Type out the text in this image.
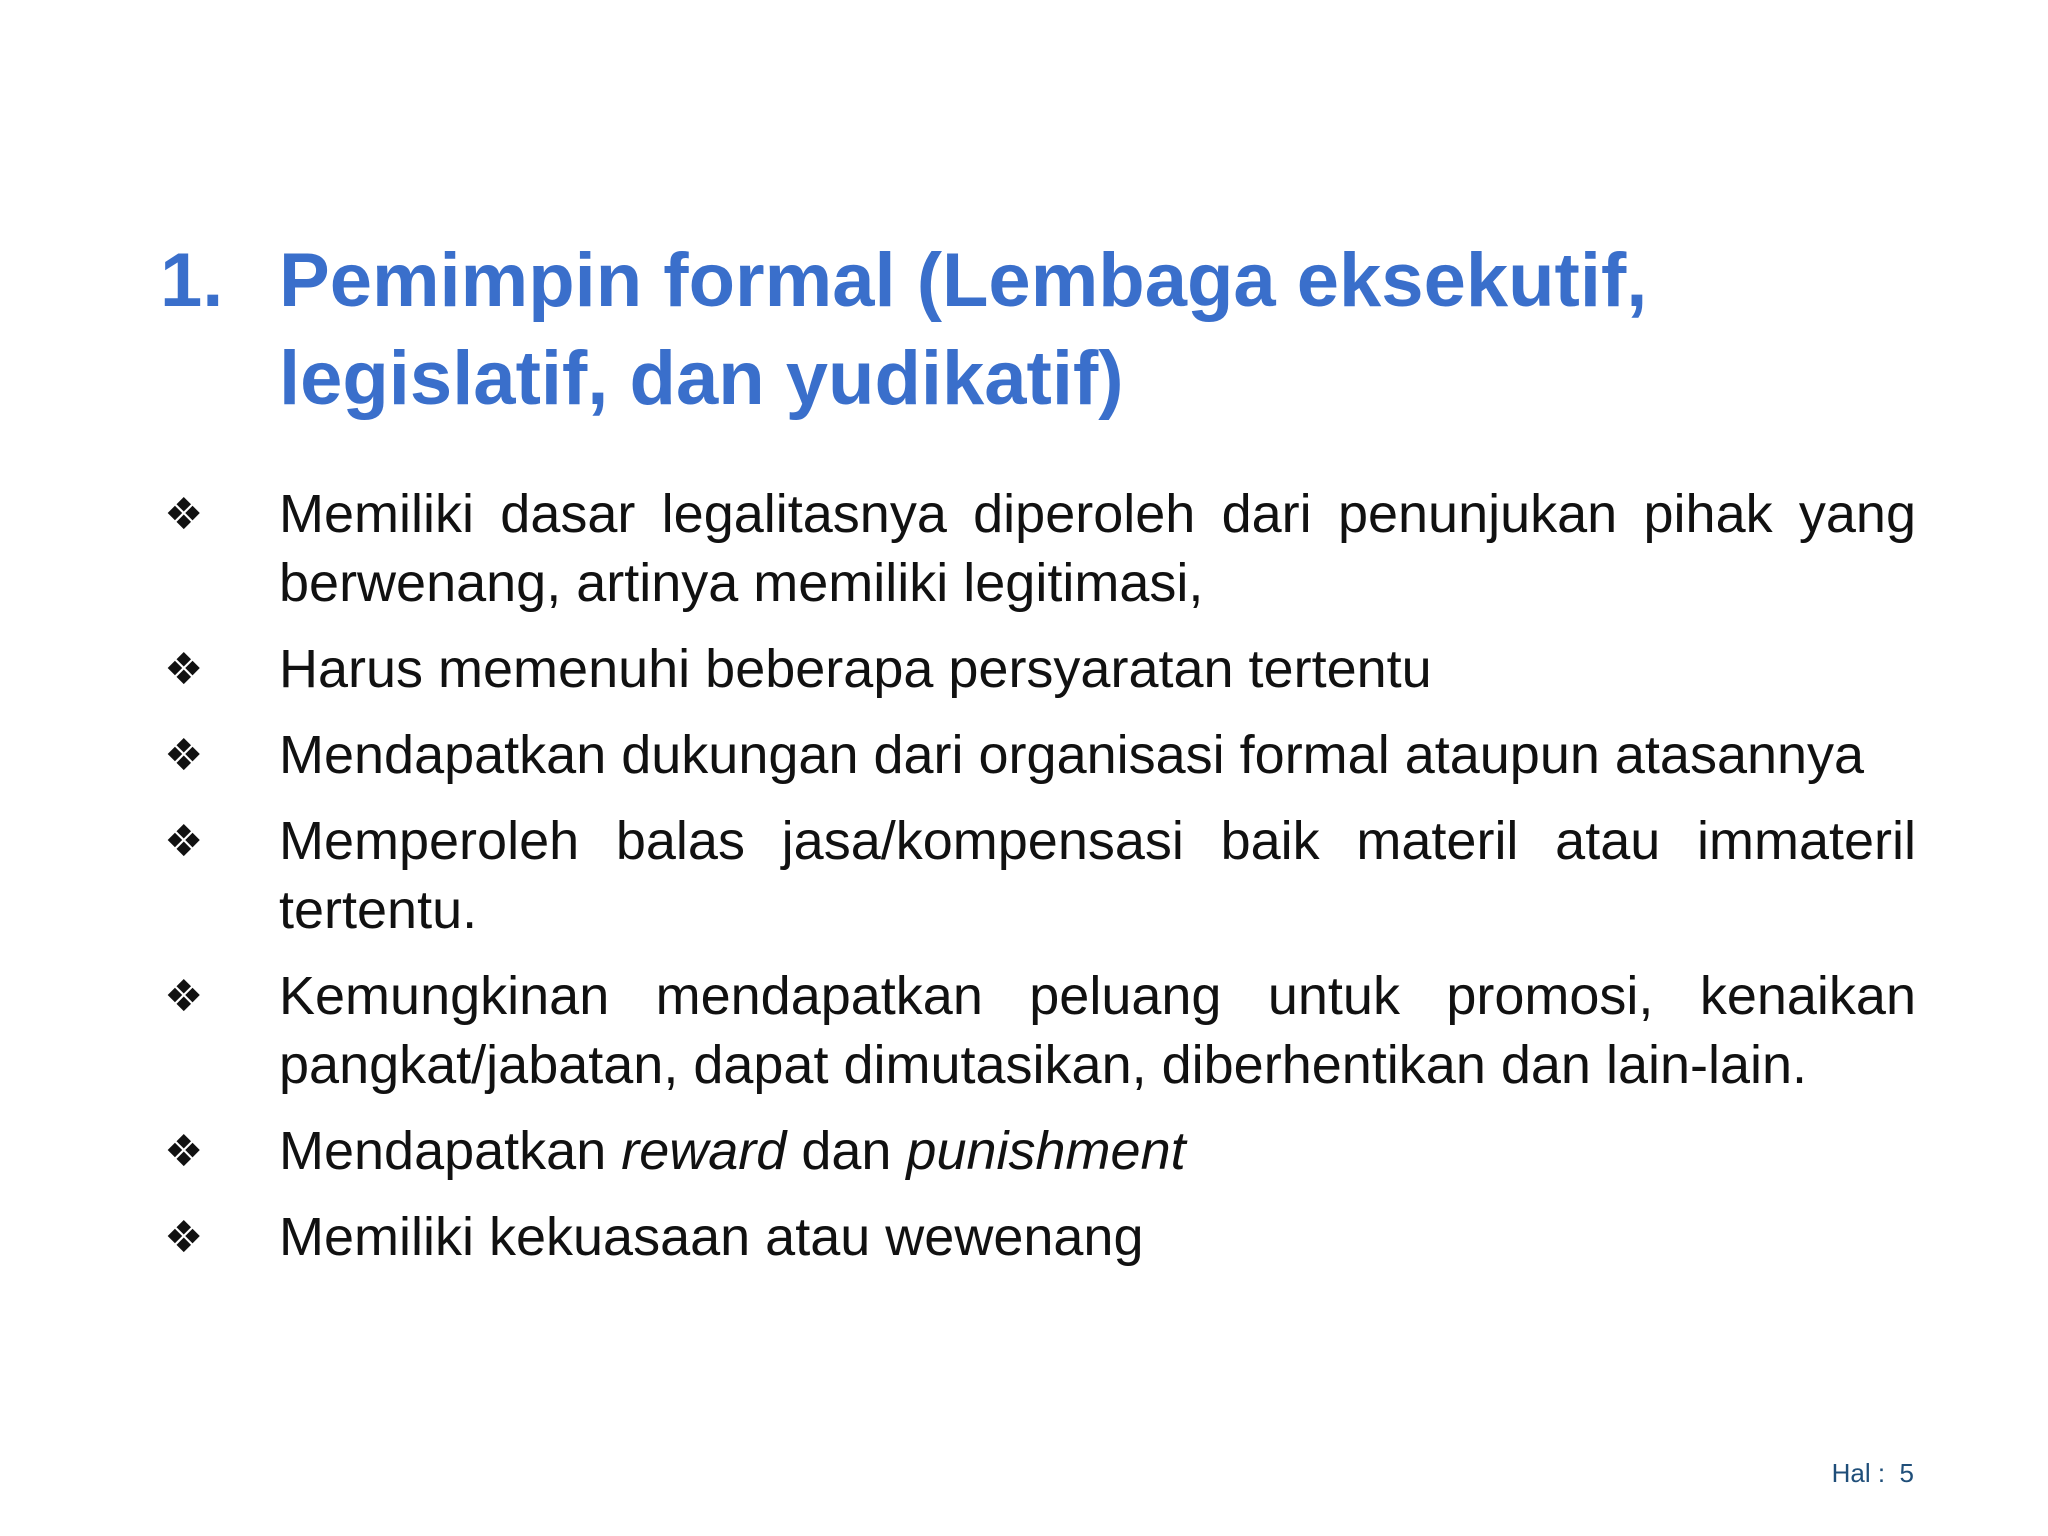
1. Pemimpin formal (Lembaga eksekutif, legislatif, dan yudikatif)
❖	Memiliki dasar legalitasnya diperoleh dari penunjukan pihak yang berwenang, artinya memiliki legitimasi,
❖	Harus memenuhi beberapa persyaratan tertentu
❖	Mendapatkan dukungan dari organisasi formal ataupun atasannya
❖	Memperoleh balas jasa/kompensasi baik materil atau immateril tertentu.
❖	Kemungkinan mendapatkan peluang untuk promosi, kenaikan pangkat/jabatan, dapat dimutasikan, diberhentikan dan lain-lain.
❖	Mendapatkan reward dan punishment
❖	Memiliki kekuasaan atau wewenang
Hal : 5
